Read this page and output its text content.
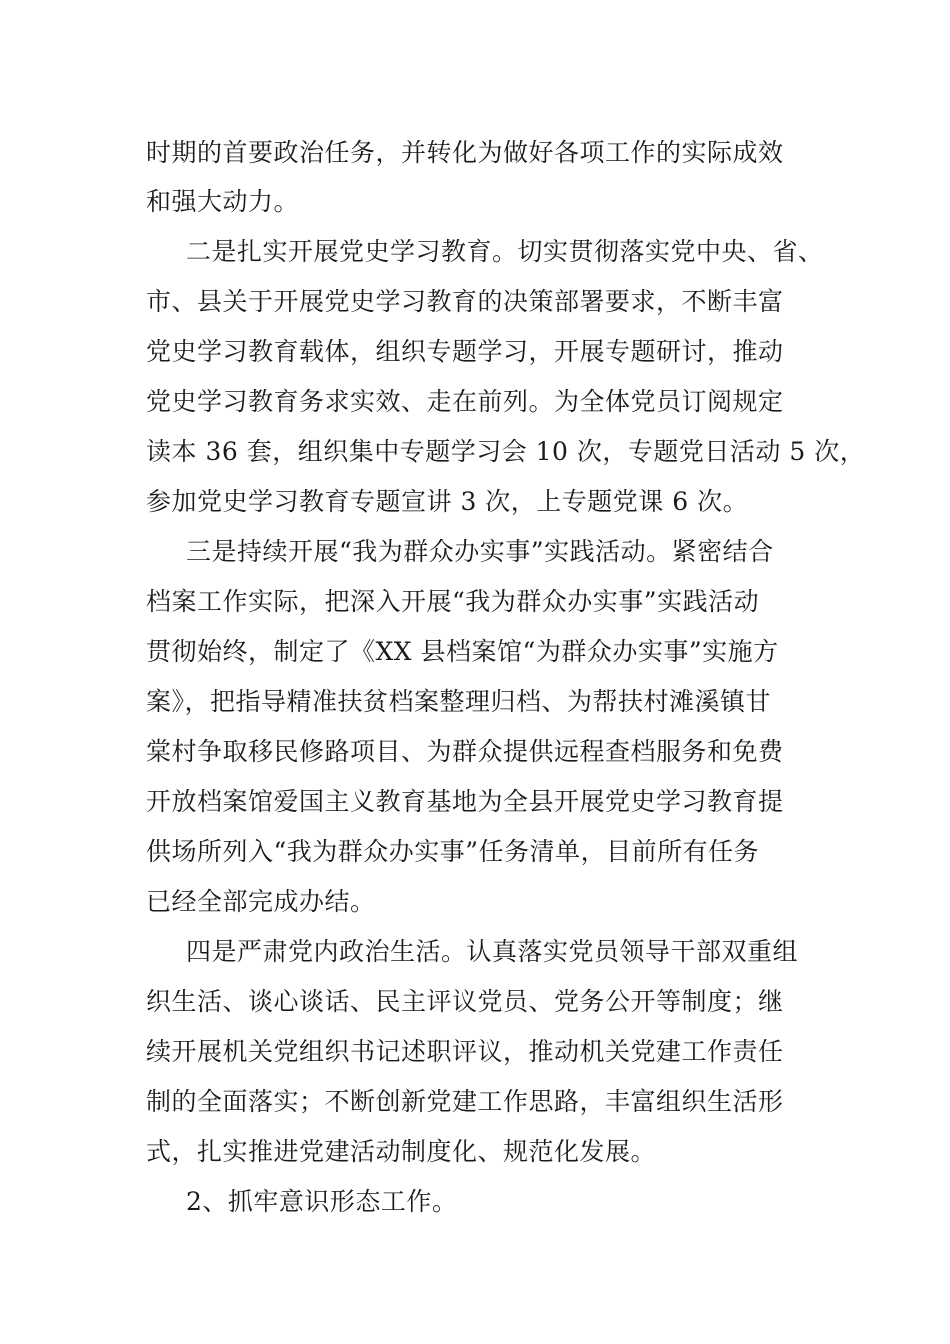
时期的首要政治任务，并转化为做好各项工作的实际成效
和强大动力。
二是扎实开展党史学习教育。切实贯彻落实党中央、省、
市、县关于开展党史学习教育的决策部署要求，不断丰富
党史学习教育载体，组织专题学习，开展专题研讨，推动
党史学习教育务求实效、走在前列。为全体党员订阅规定
读本 36 套，组织集中专题学习会 10 次，专题党日活动 5 次，
参加党史学习教育专题宣讲 3 次，上专题党课 6 次。
三是持续开展“我为群众办实事”实践活动。紧密结合
档案工作实际，把深入开展“我为群众办实事”实践活动
贯彻始终，制定了《XX 县档案馆“为群众办实事”实施方
案》，把指导精准扶贫档案整理归档、为帮扶村滩溪镇甘
棠村争取移民修路项目、为群众提供远程查档服务和免费
开放档案馆爱国主义教育基地为全县开展党史学习教育提
供场所列入“我为群众办实事”任务清单，目前所有任务
已经全部完成办结。
四是严肃党内政治生活。认真落实党员领导干部双重组
织生活、谈心谈话、民主评议党员、党务公开等制度；继
续开展机关党组织书记述职评议，推动机关党建工作责任
制的全面落实；不断创新党建工作思路，丰富组织生活形
式，扎实推进党建活动制度化、规范化发展。
2、抓牢意识形态工作。
